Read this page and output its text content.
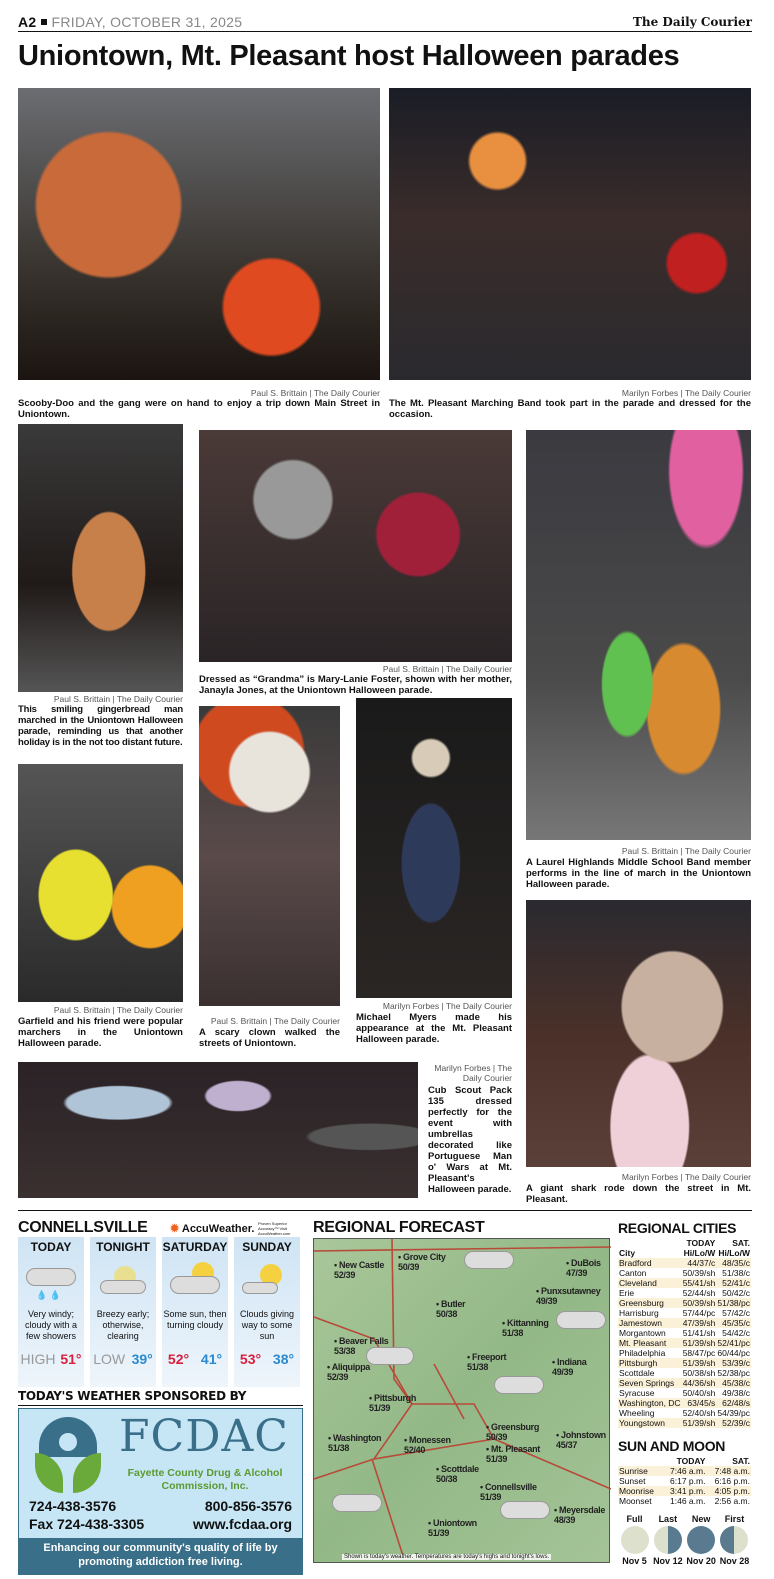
A2 FRIDAY, OCTOBER 31, 2025	The Daily Courier
Uniontown, Mt. Pleasant host Halloween parades
Paul S. Brittain | The Daily Courier
Scooby-Doo and the gang were on hand to enjoy a trip down Main Street in Uniontown.
Marilyn Forbes | The Daily Courier
The Mt. Pleasant Marching Band took part in the parade and dressed for the occasion.
Paul S. Brittain | The Daily Courier
This smiling gingerbread man marched in the Uniontown Halloween parade, reminding us that another holiday is in the not too distant future.
Paul S. Brittain | The Daily Courier
Dressed as “Grandma” is Mary-Lanie Foster, shown with her mother, Janayla Jones, at the Uniontown Halloween parade.
Paul S. Brittain | The Daily Courier
A Laurel Highlands Middle School Band member performs in the line of march in the Uniontown Halloween parade.
Paul S. Brittain | The Daily Courier
Garfield and his friend were popular marchers in the Uniontown Halloween parade.
Paul S. Brittain | The Daily Courier
A scary clown walked the streets of Uniontown.
Marilyn Forbes | The Daily Courier
Michael Myers made his appearance at the Mt. Pleasant Halloween parade.
Marilyn Forbes | The Daily Courier
A giant shark rode down the street in Mt. Pleasant.
Marilyn Forbes | The Daily Courier
Cub Scout Pack 135 dressed perfectly for the event with umbrellas decorated like Portuguese Man o' Wars at Mt. Pleasant's Halloween parade.
CONNELLSVILLE ✹ AccuWeather. Proven Superior Accuracy™ Visit AccuWeather.com
TODAY
💧 💧
Very windy; cloudy with a few showers
HIGH 51°
TONIGHT
Breezy early; otherwise, clearing
LOW 39°
SATURDAY
Some sun, then turning cloudy
52° 41°
SUNDAY
Clouds giving way to some sun
53° 38°
TODAY'S WEATHER SPONSORED BY
FCDAC
Fayette County Drug & Alcohol
Commission, Inc.
724-438-3576
Fax 724-438-3305
800-856-3576
www.fcdaa.org
Enhancing our community's quality of life by
promoting addiction free living.
REGIONAL FORECAST
• Grove City
50/39
• New Castle
52/39
• DuBois
47/39
• Punxsutawney
49/39
• Butler
50/38
• Kittanning
51/38
• Beaver Falls
53/38
• Freeport
51/38	• Indiana
49/39
• Aliquippa
52/39
• Pittsburgh
51/39
• Greensburg
50/39	• Johnstown
45/37
• Washington
51/38
• Monessen
52/40	• Mt. Pleasant
51/39
• Scottdale
50/38
• Connellsville
51/39
• Meyersdale
48/39
• Uniontown
51/39
Shown is today's weather. Temperatures are today's highs and tonight's lows.
REGIONAL CITIES
	TODAY	SAT.
City	Hi/Lo/W	Hi/Lo/W
Bradford	44/37/c	48/35/c
Canton	50/39/sh	51/38/c
Cleveland	55/41/sh	52/41/c
Erie	52/44/sh	50/42/c
Greensburg	50/39/sh	51/38/pc
Harrisburg	57/44/pc	57/42/c
Jamestown	47/39/sh	45/35/c
Morgantown	51/41/sh	54/42/c
Mt. Pleasant	51/39/sh	52/41/pc
Philadelphia	58/47/pc	60/44/pc
Pittsburgh	51/39/sh	53/39/c
Scottdale	50/38/sh	52/38/pc
Seven Springs	44/36/sh	45/38/c
Syracuse	50/40/sh	49/38/c
Washington, DC	63/45/s	62/48/s
Wheeling	52/40/sh	54/39/pc
Youngstown	51/39/sh	52/39/c
SUN AND MOON
	TODAY	SAT.
Sunrise	7:46 a.m.	7:48 a.m.
Sunset	6:17 p.m.	6:16 p.m.
Moonrise	3:41 p.m.	4:05 p.m.
Moonset	1:46 a.m.	2:56 a.m.
Full
Nov 5
Last
Nov 12
New
Nov 20
First
Nov 28
